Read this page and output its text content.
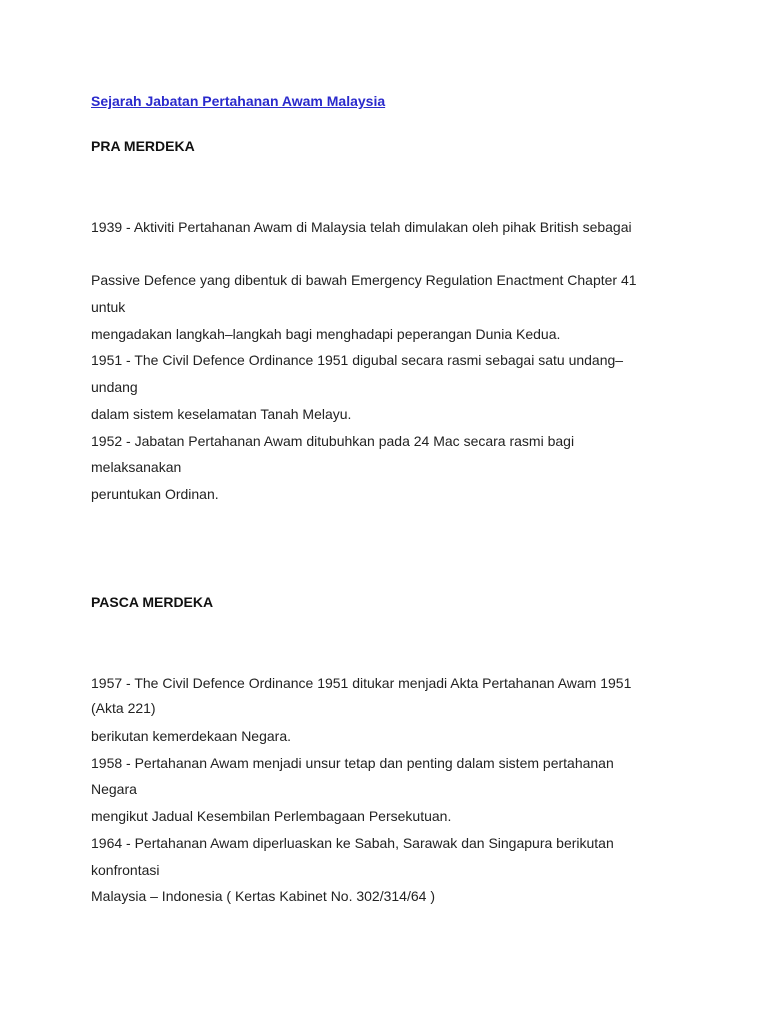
Sejarah Jabatan Pertahanan Awam Malaysia
PRA MERDEKA
1939 - Aktiviti Pertahanan Awam di Malaysia telah dimulakan oleh pihak British sebagai
Passive Defence yang dibentuk di bawah Emergency Regulation Enactment Chapter 41
untuk
mengadakan langkah–langkah bagi menghadapi peperangan Dunia Kedua.
1951 - The Civil Defence Ordinance 1951 digubal secara rasmi sebagai satu undang–
undang
dalam sistem keselamatan Tanah Melayu.
1952 - Jabatan Pertahanan Awam ditubuhkan pada 24 Mac secara rasmi bagi
melaksanakan
peruntukan Ordinan.
PASCA MERDEKA
1957 - The Civil Defence Ordinance 1951 ditukar menjadi Akta Pertahanan Awam 1951
(Akta 221)
berikutan kemerdekaan Negara.
1958 - Pertahanan Awam menjadi unsur tetap dan penting dalam sistem pertahanan
Negara
mengikut Jadual Kesembilan Perlembagaan Persekutuan.
1964 - Pertahanan Awam diperluaskan ke Sabah, Sarawak dan Singapura berikutan
konfrontasi
Malaysia – Indonesia ( Kertas Kabinet No. 302/314/64 )
